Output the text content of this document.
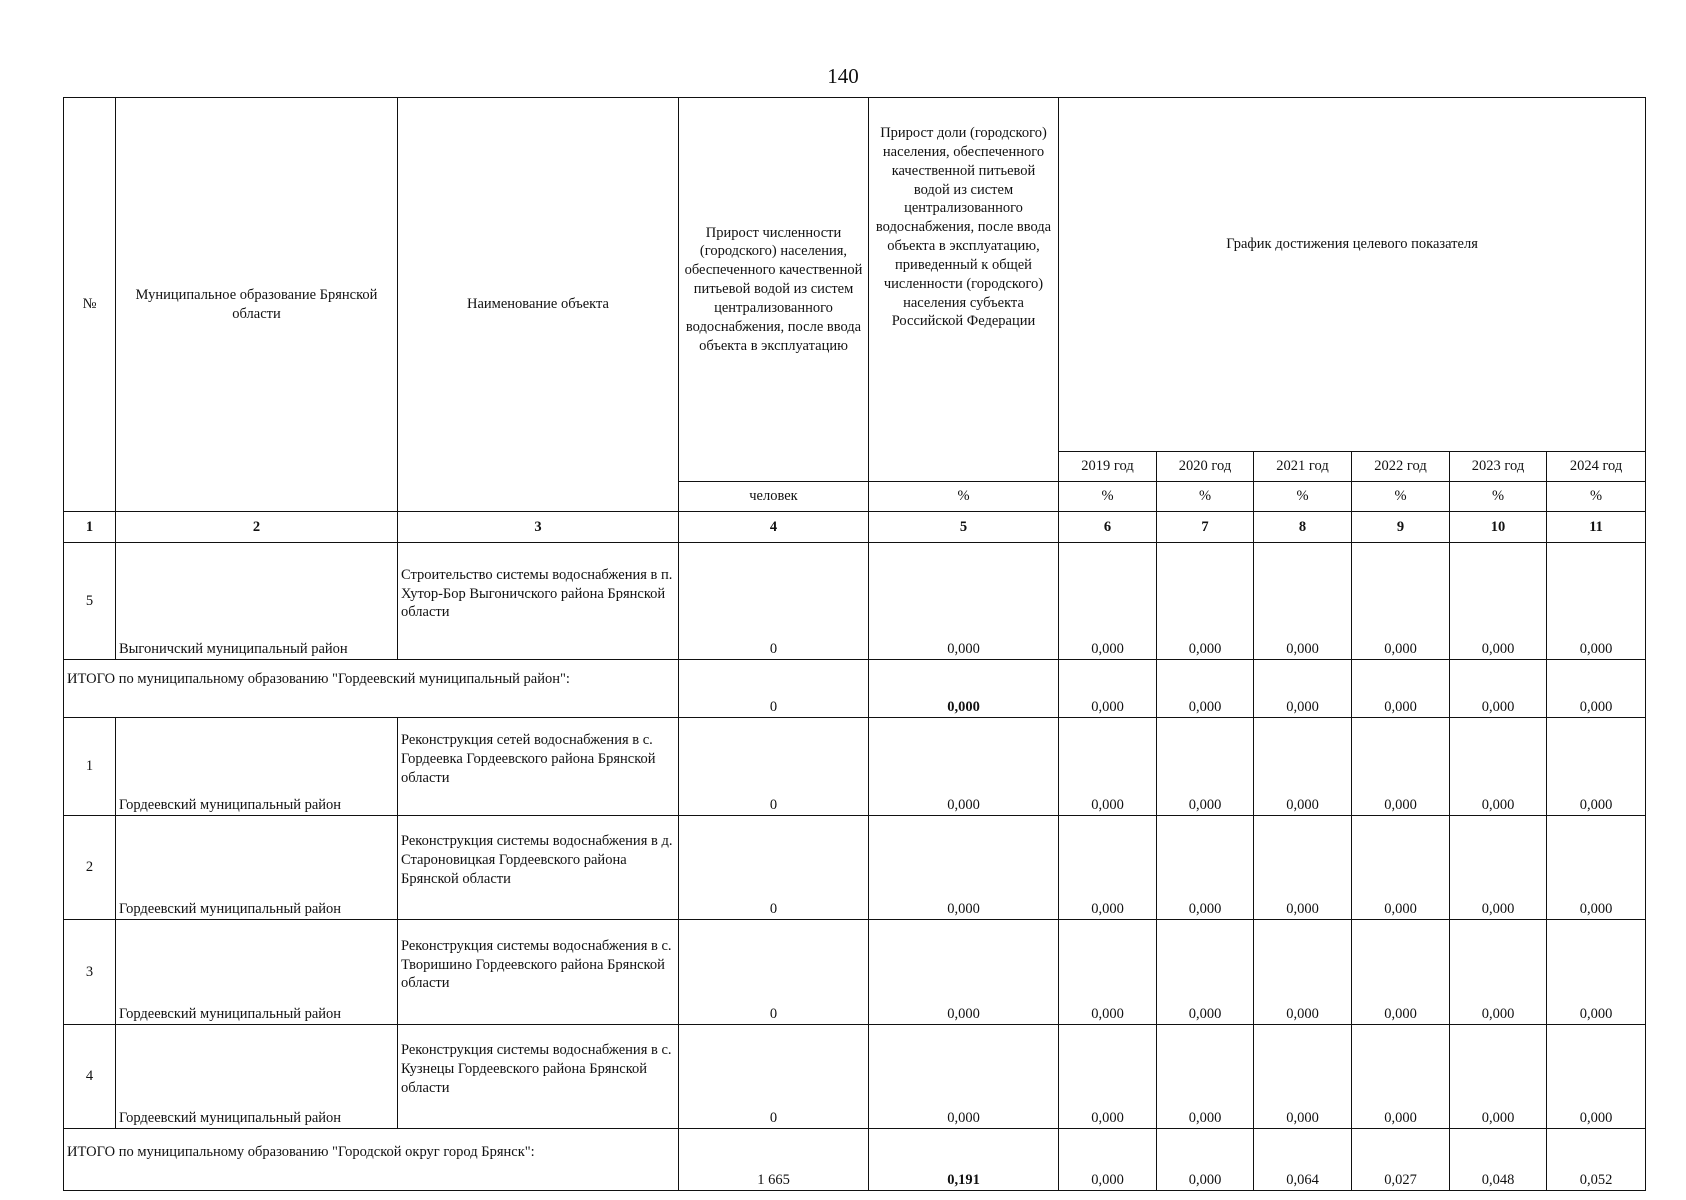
140
№	Муниципальное образование Брянской области	Наименование объекта	Прирост численности (городского) населения, обеспеченного качественной питьевой водой из систем централизованного водоснабжения, после ввода объекта в эксплуатацию	Прирост доли (городского) населения, обеспеченного качественной питьевой водой из систем централизованного водоснабжения, после ввода объекта в эксплуатацию, приведенный к общей численности (городского) населения субъекта Российской Федерации	График достижения целевого показателя					
					2019 год	2020 год	2021 год	2022 год	2023 год	2024 год
			человек	%	%	%	%	%	%	%
1	2	3	4	5	6	7	8	9	10	11
5	Выгоничский муниципальный район	Строительство системы водоснабжения в п. Хутор-Бор Выгоничского района Брянской области	0	0,000	0,000	0,000	0,000	0,000	0,000	0,000
ИТОГО по муниципальному образованию "Гордеевский муниципальный район":			0	0,000	0,000	0,000	0,000	0,000	0,000	0,000
1	Гордеевский муниципальный район	Реконструкция сетей водоснабжения в с. Гордеевка Гордеевского района Брянской области	0	0,000	0,000	0,000	0,000	0,000	0,000	0,000
2	Гордеевский муниципальный район	Реконструкция системы водоснабжения в д. Староновицкая Гордеевского района Брянской области	0	0,000	0,000	0,000	0,000	0,000	0,000	0,000
3	Гордеевский муниципальный район	Реконструкция системы водоснабжения в с. Творишино Гордеевского района Брянской области	0	0,000	0,000	0,000	0,000	0,000	0,000	0,000
4	Гордеевский муниципальный район	Реконструкция системы водоснабжения в с. Кузнецы Гордеевского района Брянской области	0	0,000	0,000	0,000	0,000	0,000	0,000	0,000
ИТОГО по муниципальному образованию "Городской округ город Брянск":			1 665	0,191	0,000	0,000	0,064	0,027	0,048	0,052
